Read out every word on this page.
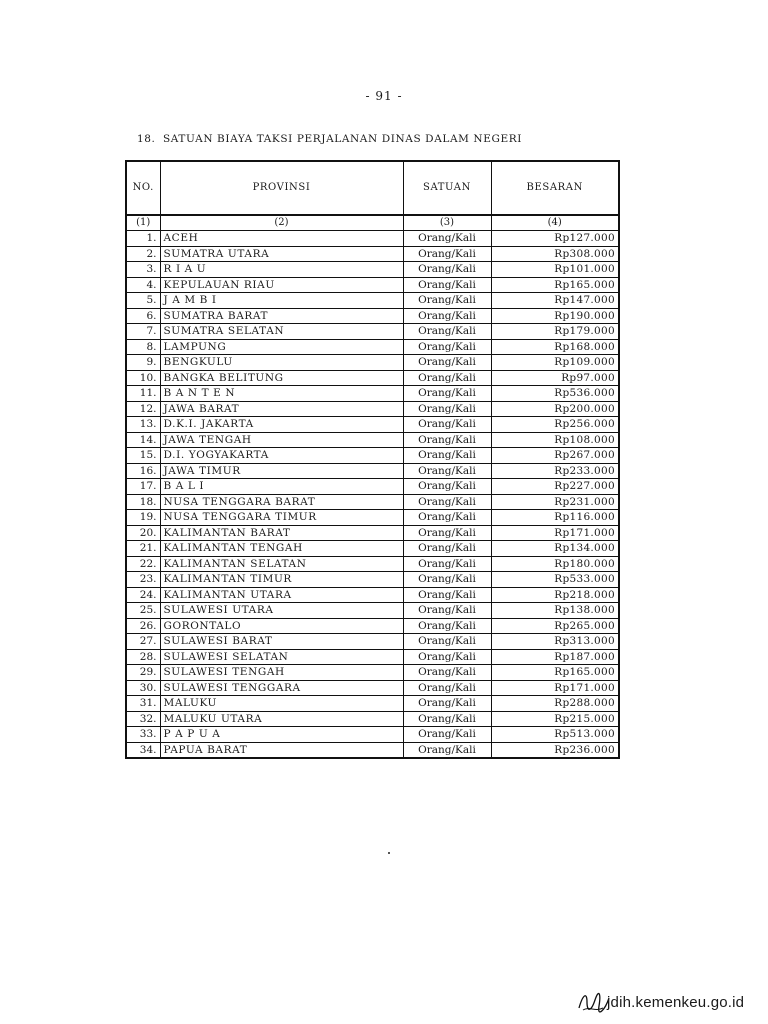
- 91 -
18. SATUAN BIAYA TAKSI PERJALANAN DINAS DALAM NEGERI
NO.	PROVINSI	SATUAN	BESARAN
(1)	(2)	(3)	(4)
1.	ACEH	Orang/Kali	Rp127.000
2.	SUMATRA UTARA	Orang/Kali	Rp308.000
3.	R I A U	Orang/Kali	Rp101.000
4.	KEPULAUAN RIAU	Orang/Kali	Rp165.000
5.	J A M B I	Orang/Kali	Rp147.000
6.	SUMATRA BARAT	Orang/Kali	Rp190.000
7.	SUMATRA SELATAN	Orang/Kali	Rp179.000
8.	LAMPUNG	Orang/Kali	Rp168.000
9.	BENGKULU	Orang/Kali	Rp109.000
10.	BANGKA BELITUNG	Orang/Kali	Rp97.000
11.	B A N T E N	Orang/Kali	Rp536.000
12.	JAWA BARAT	Orang/Kali	Rp200.000
13.	D.K.I. JAKARTA	Orang/Kali	Rp256.000
14.	JAWA TENGAH	Orang/Kali	Rp108.000
15.	D.I. YOGYAKARTA	Orang/Kali	Rp267.000
16.	JAWA TIMUR	Orang/Kali	Rp233.000
17.	B A L I	Orang/Kali	Rp227.000
18.	NUSA TENGGARA BARAT	Orang/Kali	Rp231.000
19.	NUSA TENGGARA TIMUR	Orang/Kali	Rp116.000
20.	KALIMANTAN BARAT	Orang/Kali	Rp171.000
21.	KALIMANTAN TENGAH	Orang/Kali	Rp134.000
22.	KALIMANTAN SELATAN	Orang/Kali	Rp180.000
23.	KALIMANTAN TIMUR	Orang/Kali	Rp533.000
24.	KALIMANTAN UTARA	Orang/Kali	Rp218.000
25.	SULAWESI UTARA	Orang/Kali	Rp138.000
26.	GORONTALO	Orang/Kali	Rp265.000
27.	SULAWESI BARAT	Orang/Kali	Rp313.000
28.	SULAWESI SELATAN	Orang/Kali	Rp187.000
29.	SULAWESI TENGAH	Orang/Kali	Rp165.000
30.	SULAWESI TENGGARA	Orang/Kali	Rp171.000
31.	MALUKU	Orang/Kali	Rp288.000
32.	MALUKU UTARA	Orang/Kali	Rp215.000
33.	P A P U A	Orang/Kali	Rp513.000
34.	PAPUA BARAT	Orang/Kali	Rp236.000
jdih.kemenkeu.go.id
